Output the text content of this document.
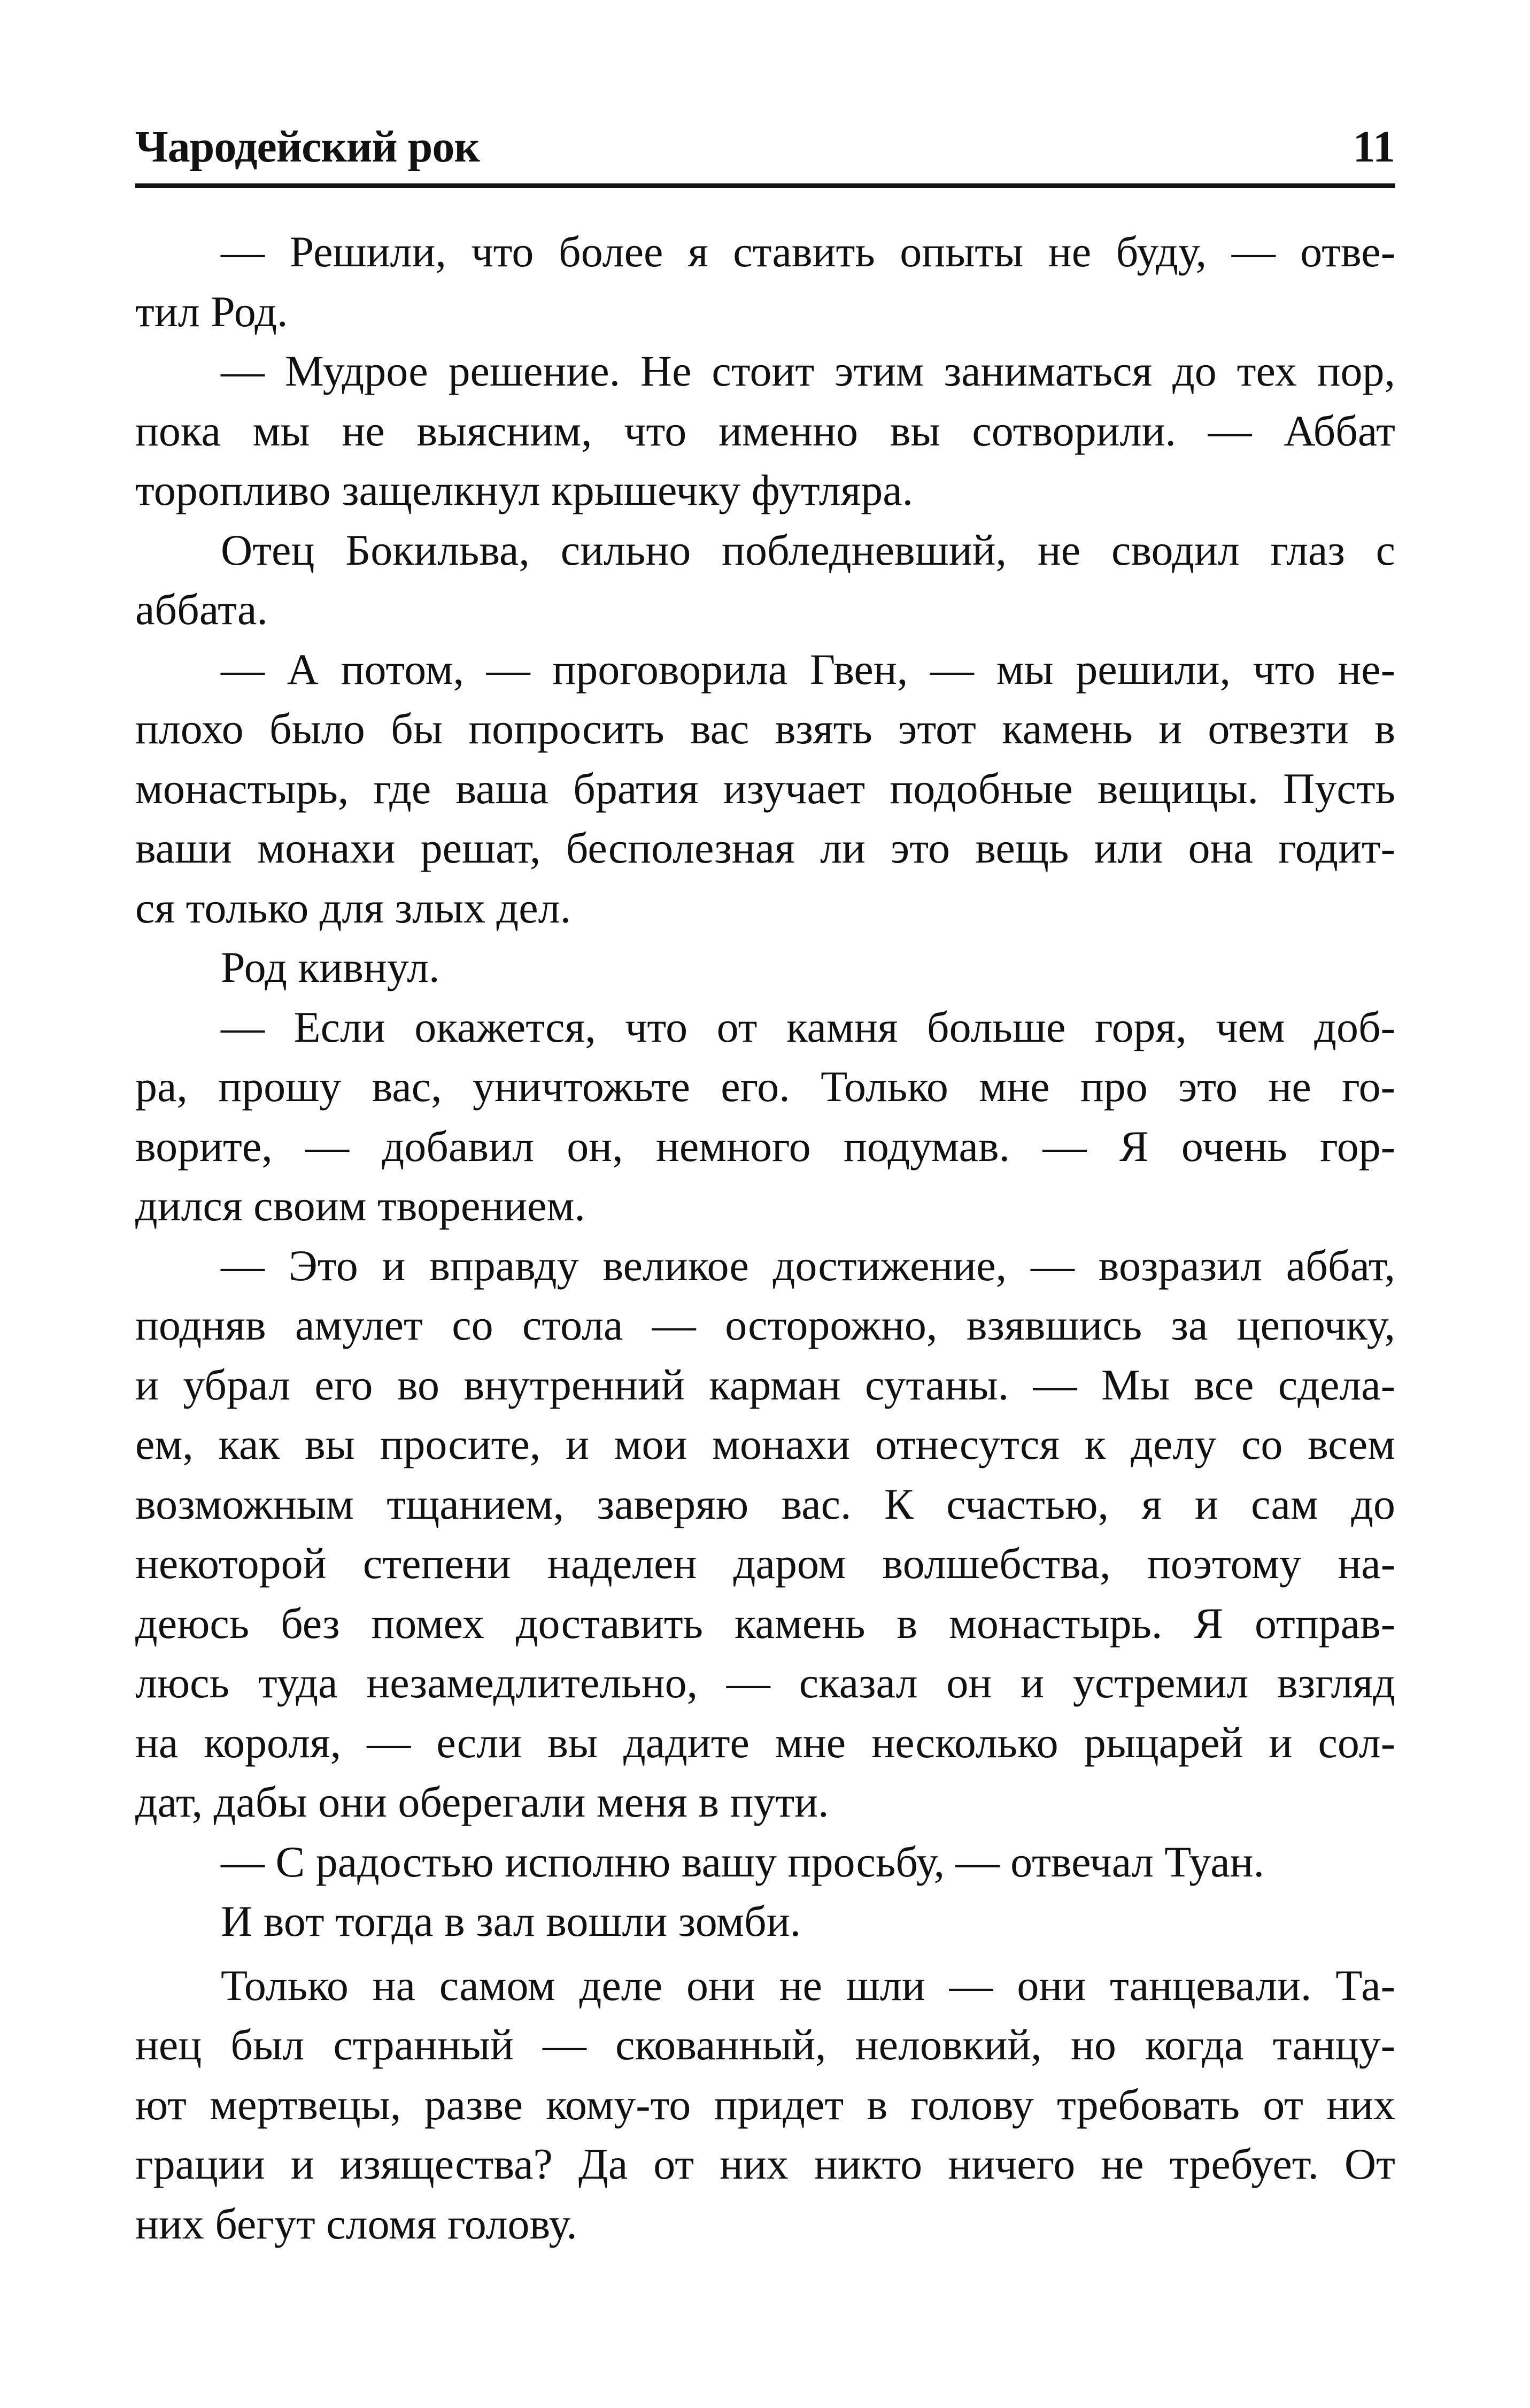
Чародейский рок	11
— Решили, что более я ставить опыты не буду, — отве-
тил Род.
— Мудрое решение. Не стоит этим заниматься до тех пор,
пока мы не выясним, что именно вы сотворили. — Аббат
торопливо защелкнул крышечку футляра.
Отец Бокильва, сильно побледневший, не сводил глаз с
аббата.
— А потом, — проговорила Гвен, — мы решили, что не-
плохо было бы попросить вас взять этот камень и отвезти в
монастырь, где ваша братия изучает подобные вещицы. Пусть
ваши монахи решат, бесполезная ли это вещь или она годит-
ся только для злых дел.
Род кивнул.
— Если окажется, что от камня больше горя, чем доб-
ра, прошу вас, уничтожьте его. Только мне про это не го-
ворите, — добавил он, немного подумав. — Я очень гор-
дился своим творением.
— Это и вправду великое достижение, — возразил аббат,
подняв амулет со стола — осторожно, взявшись за цепочку,
и убрал его во внутренний карман сутаны. — Мы все сдела-
ем, как вы просите, и мои монахи отнесутся к делу со всем
возможным тщанием, заверяю вас. К счастью, я и сам до
некоторой степени наделен даром волшебства, поэтому на-
деюсь без помех доставить камень в монастырь. Я отправ-
люсь туда незамедлительно, — сказал он и устремил взгляд
на короля, — если вы дадите мне несколько рыцарей и сол-
дат, дабы они оберегали меня в пути.
— С радостью исполню вашу просьбу, — отвечал Туан.
И вот тогда в зал вошли зомби.
Только на самом деле они не шли — они танцевали. Та-
нец был странный — скованный, неловкий, но когда танцу-
ют мертвецы, разве кому-то придет в голову требовать от них
грации и изящества? Да от них никто ничего не требует. От
них бегут сломя голову.
